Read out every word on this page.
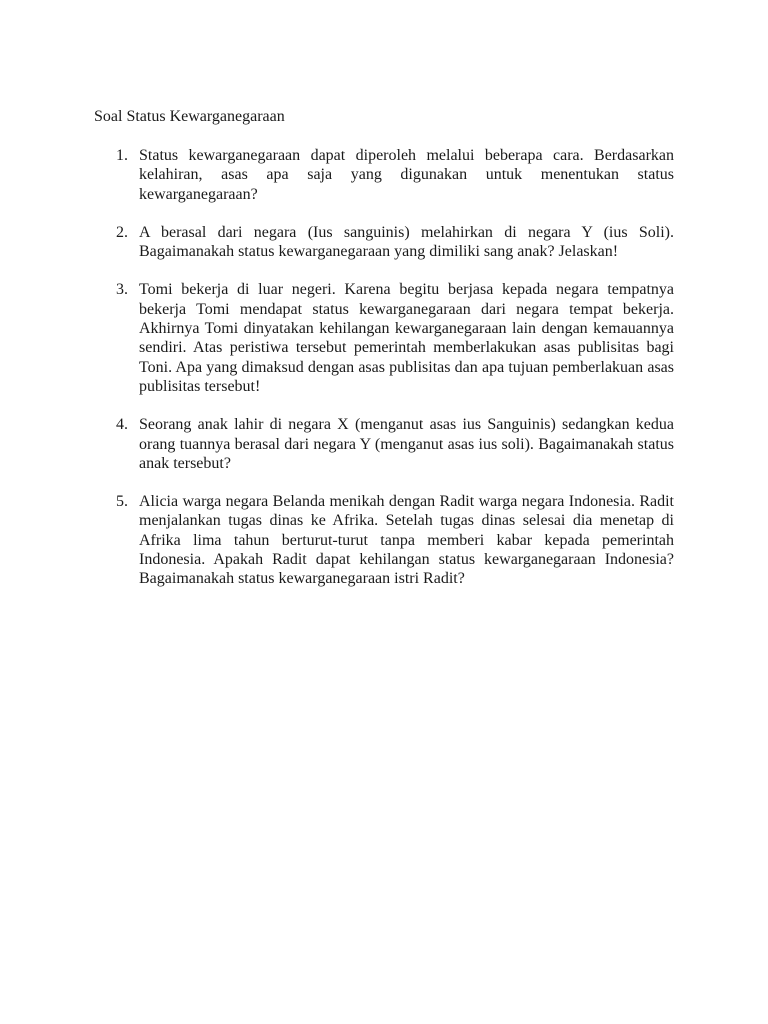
Soal Status Kewarganegaraan
1. Status kewarganegaraan dapat diperoleh melalui beberapa cara. Berdasarkan kelahiran, asas apa saja yang digunakan untuk menentukan status kewarganegaraan?
2. A berasal dari negara (Ius sanguinis) melahirkan di negara Y (ius Soli). Bagaimanakah status kewarganegaraan yang dimiliki sang anak? Jelaskan!
3. Tomi bekerja di luar negeri. Karena begitu berjasa kepada negara tempatnya bekerja Tomi mendapat status kewarganegaraan dari negara tempat bekerja. Akhirnya Tomi dinyatakan kehilangan kewarganegaraan lain dengan kemauannya sendiri. Atas peristiwa tersebut pemerintah memberlakukan asas publisitas bagi Toni. Apa yang dimaksud dengan asas publisitas dan apa tujuan pemberlakuan asas publisitas tersebut!
4. Seorang anak lahir di negara X (menganut asas ius Sanguinis) sedangkan kedua orang tuannya berasal dari negara Y (menganut asas ius soli). Bagaimanakah status anak tersebut?
5. Alicia warga negara Belanda menikah dengan Radit warga negara Indonesia. Radit menjalankan tugas dinas ke Afrika. Setelah tugas dinas selesai dia menetap di Afrika lima tahun berturut-turut tanpa memberi kabar kepada pemerintah Indonesia. Apakah Radit dapat kehilangan status kewarganegaraan Indonesia? Bagaimanakah status kewarganegaraan istri Radit?
